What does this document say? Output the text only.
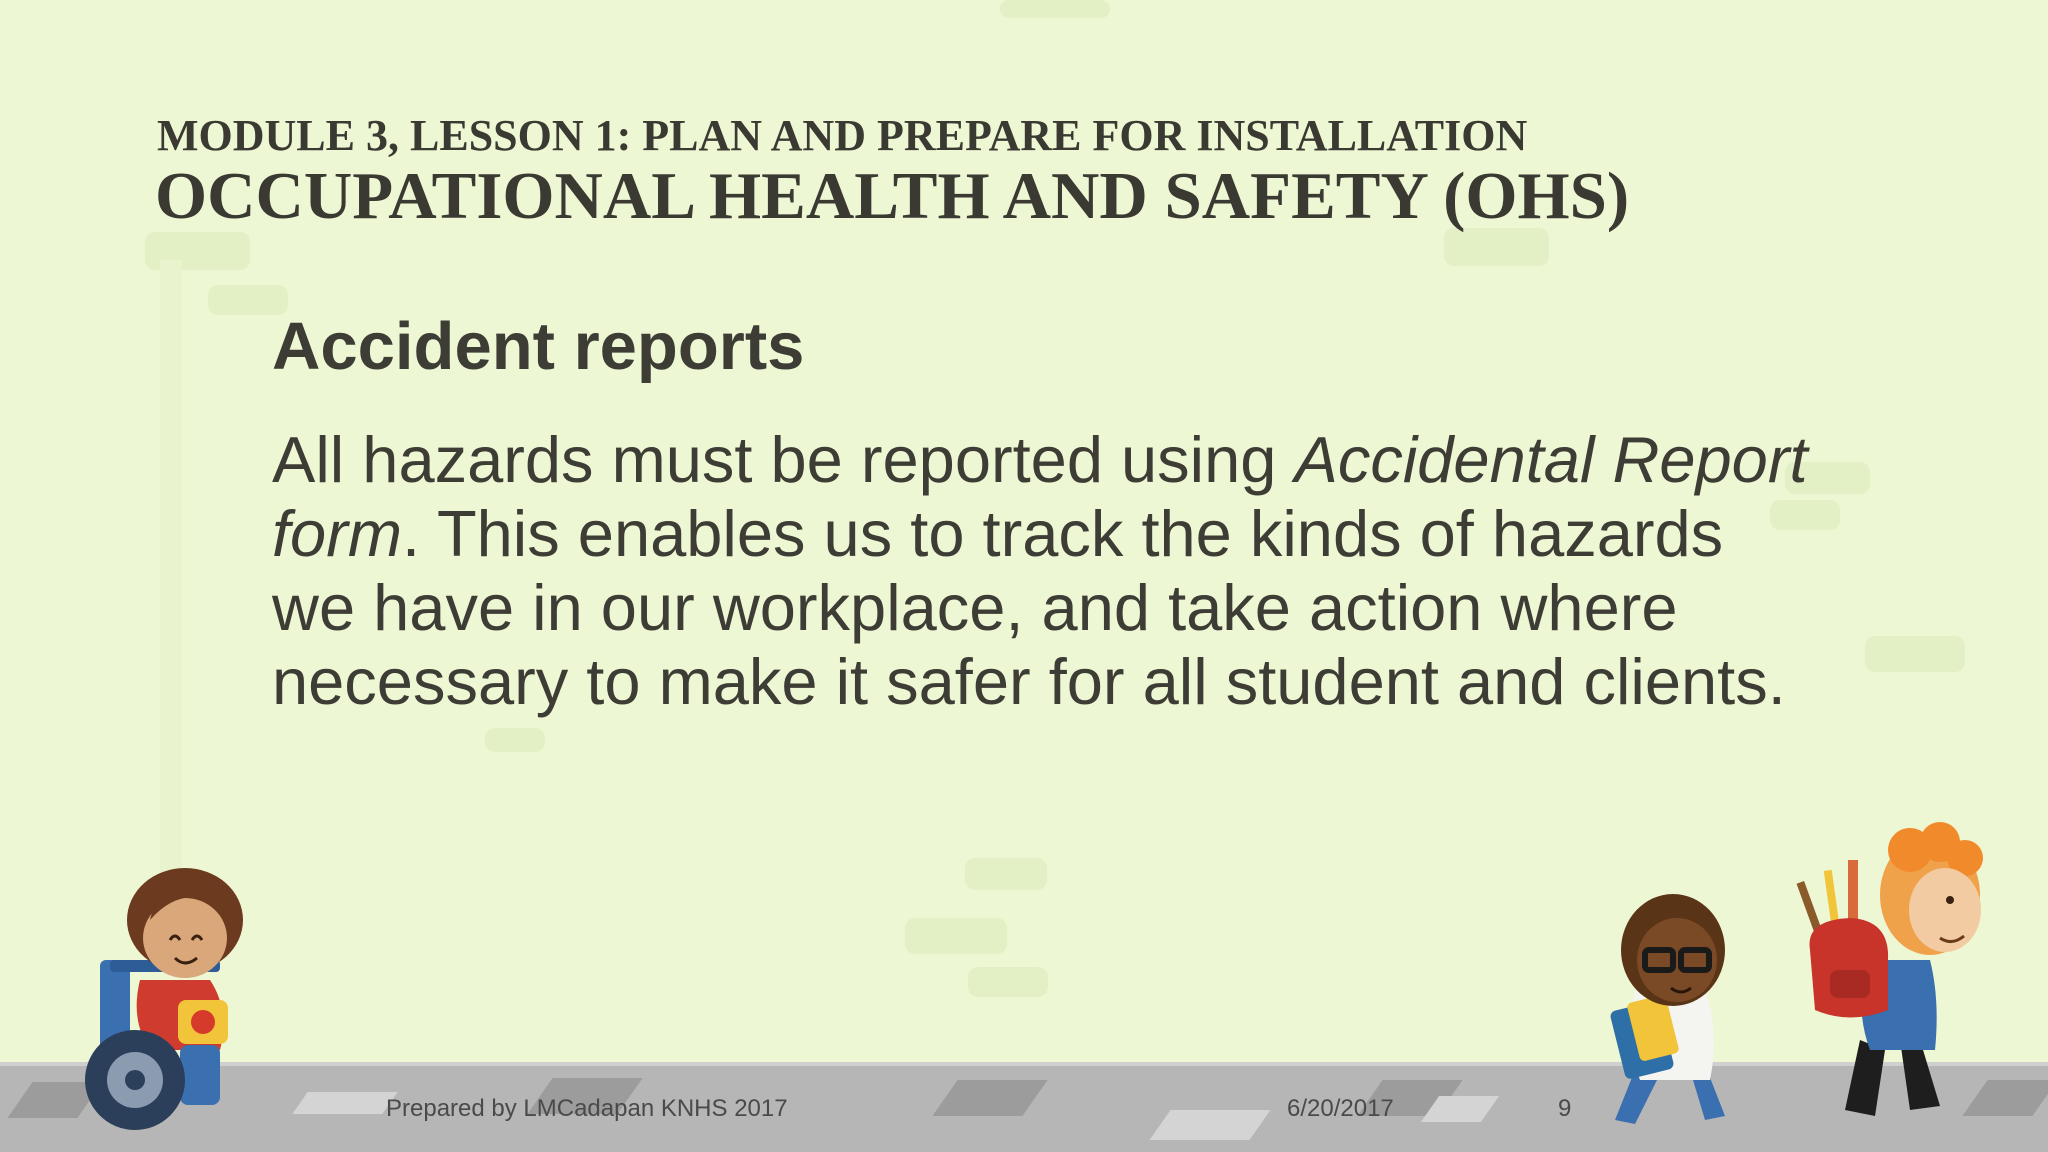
MODULE 3, LESSON 1: PLAN AND PREPARE FOR INSTALLATION
OCCUPATIONAL HEALTH AND SAFETY (OHS)
Accident reports
All hazards must be reported using Accidental Report form. This enables us to track the kinds of hazards we have in our workplace, and take action where necessary to make it safer for all student and clients.
Prepared by LMCadapan KNHS 2017	6/20/2017	9
